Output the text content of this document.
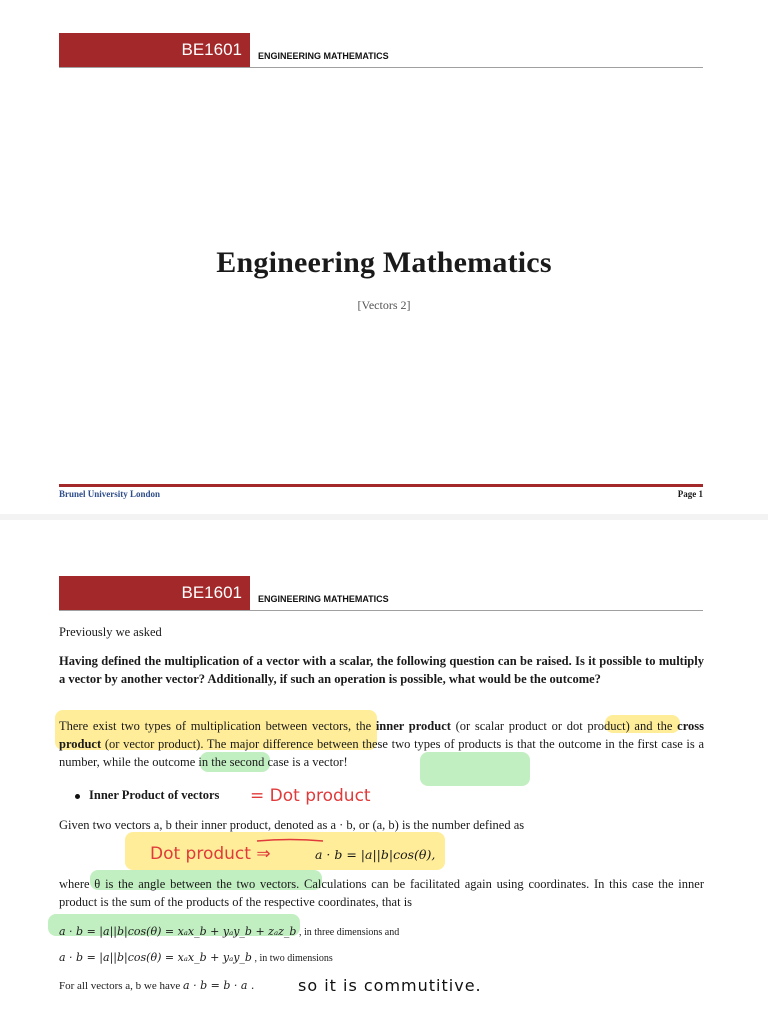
BE1601	ENGINEERING MATHEMATICS
Engineering Mathematics
[Vectors 2]
Brunel University London	Page 1
BE1601	ENGINEERING MATHEMATICS

Previously we asked

Having defined the multiplication of a vector with a scalar, the following question can be raised. Is it possible to multiply a vector by another vector? Additionally, if such an operation is possible, what would be the outcome?

There exist two types of multiplication between vectors, the inner product (or scalar product or dot product) and the cross product (or vector product). The major difference between these two types of products is that the outcome in the first case is a number, while the outcome in the second case is a vector!

Inner Product of vectors

Given two vectors a, b their inner product, denoted as a · b, or (a, b) is the number defined as

a · b = |a||b|cos(θ),

where θ is the angle between the two vectors. Calculations can be facilitated again using coordinates. In this case the inner product is the sum of the products of the respective coordinates, that is

a · b = |a||b|cos(θ) = xₐx_b + yₐy_b + zₐz_b , in three dimensions and
a · b = |a||b|cos(θ) = xₐx_b + yₐy_b , in two dimensions
For all vectors a, b we have a · b = b · a .
= Dot product
Dot product ⇒
so it is commutitive.
